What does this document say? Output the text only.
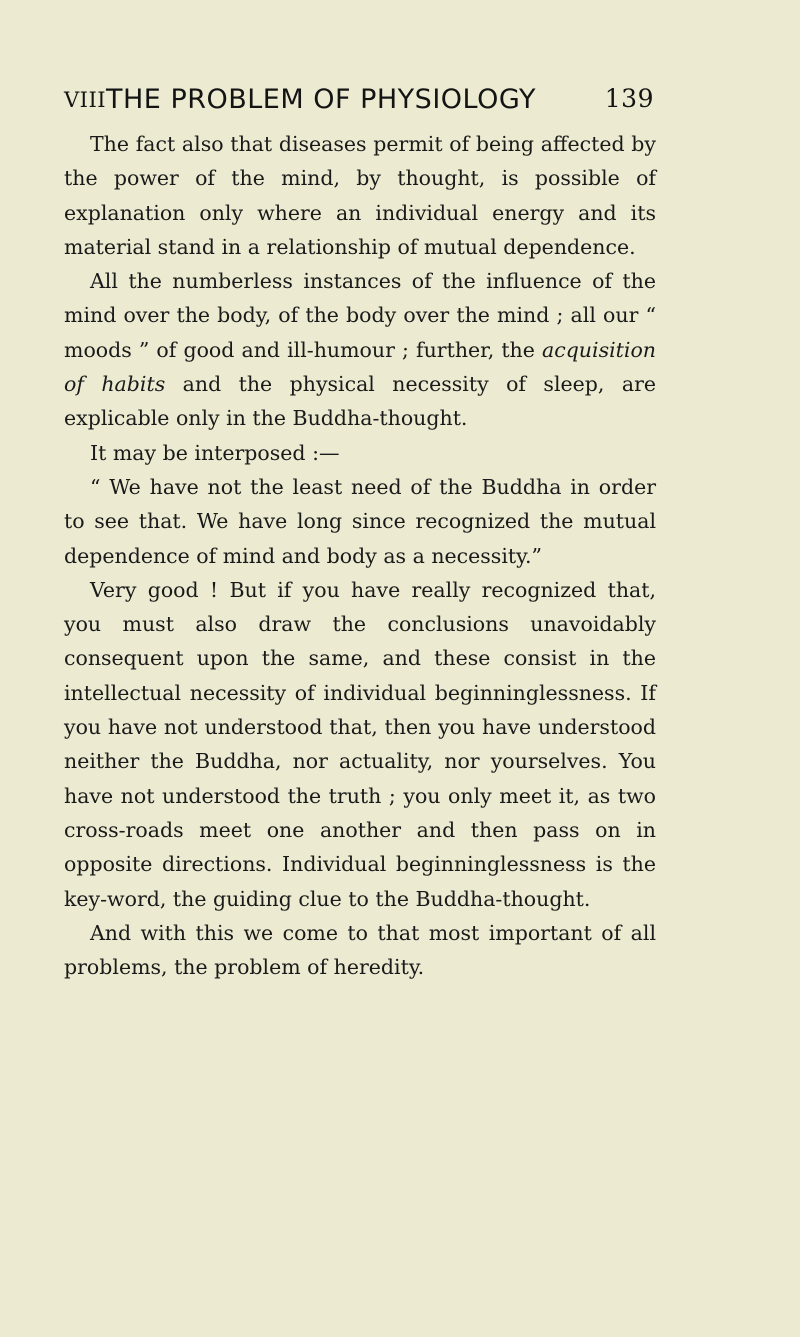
VIII THE PROBLEM OF PHYSIOLOGY	139

The fact also that diseases permit of being affected by the power of the mind, by thought, is possible of explanation only where an individual energy and its material stand in a relationship of mutual dependence.

All the numberless instances of the influence of the mind over the body, of the body over the mind ; all our “ moods ” of good and ill-humour ; further, the acquisition of habits and the physical necessity of sleep, are explicable only in the Buddha-thought.

It may be interposed :—

“ We have not the least need of the Buddha in order to see that. We have long since recognized the mutual dependence of mind and body as a necessity.”

Very good ! But if you have really recognized that, you must also draw the conclusions unavoidably consequent upon the same, and these consist in the intellectual necessity of individual beginninglessness. If you have not understood that, then you have understood neither the Buddha, nor actuality, nor yourselves. You have not understood the truth ; you only meet it, as two cross-roads meet one another and then pass on in opposite directions. Individual beginninglessness is the key-word, the guiding clue to the Buddha-thought.

And with this we come to that most important of all problems, the problem of heredity.
